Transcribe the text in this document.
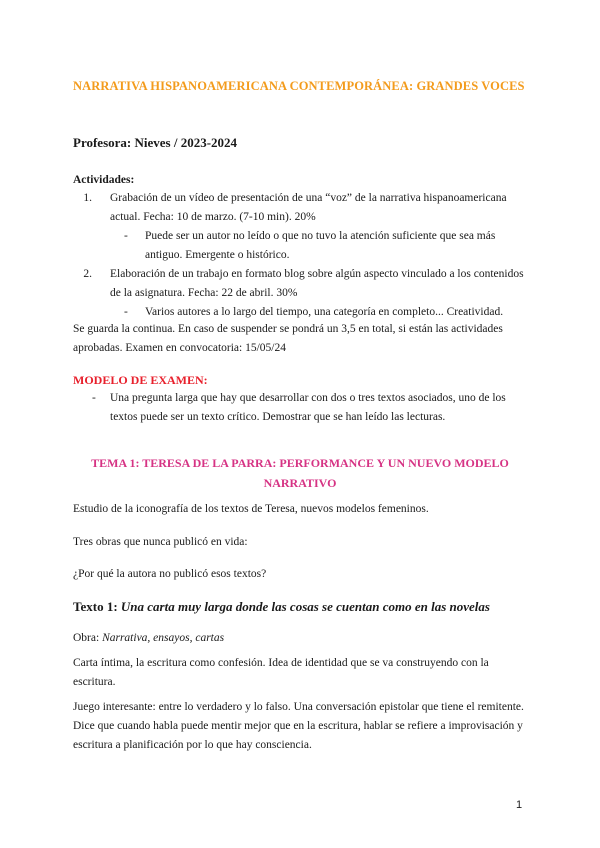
NARRATIVA HISPANOAMERICANA CONTEMPORÁNEA: GRANDES VOCES
Profesora: Nieves / 2023-2024
Actividades:
1. Grabación de un vídeo de presentación de una “voz” de la narrativa hispanoamericana
actual. Fecha: 10 de marzo. (7-10 min). 20%
- Puede ser un autor no leído o que no tuvo la atención suficiente que sea más
antiguo. Emergente o histórico.
2. Elaboración de un trabajo en formato blog sobre algún aspecto vinculado a los contenidos
de la asignatura. Fecha: 22 de abril. 30%
- Varios autores a lo largo del tiempo, una categoría en completo... Creatividad.
Se guarda la continua. En caso de suspender se pondrá un 3,5 en total, si están las actividades
aprobadas. Examen en convocatoria: 15/05/24
MODELO DE EXAMEN:
- Una pregunta larga que hay que desarrollar con dos o tres textos asociados, uno de los
textos puede ser un texto crítico. Demostrar que se han leído las lecturas.
TEMA 1: TERESA DE LA PARRA: PERFORMANCE Y UN NUEVO MODELO
NARRATIVO
Estudio de la iconografía de los textos de Teresa, nuevos modelos femeninos.
Tres obras que nunca publicó en vida:
¿Por qué la autora no publicó esos textos?
Texto 1: Una carta muy larga donde las cosas se cuentan como en las novelas
Obra: Narrativa, ensayos, cartas
Carta íntima, la escritura como confesión. Idea de identidad que se va construyendo con la
escritura.
Juego interesante: entre lo verdadero y lo falso. Una conversación epistolar que tiene el remitente.
Dice que cuando habla puede mentir mejor que en la escritura, hablar se refiere a improvisación y
escritura a planificación por lo que hay consciencia.
1
